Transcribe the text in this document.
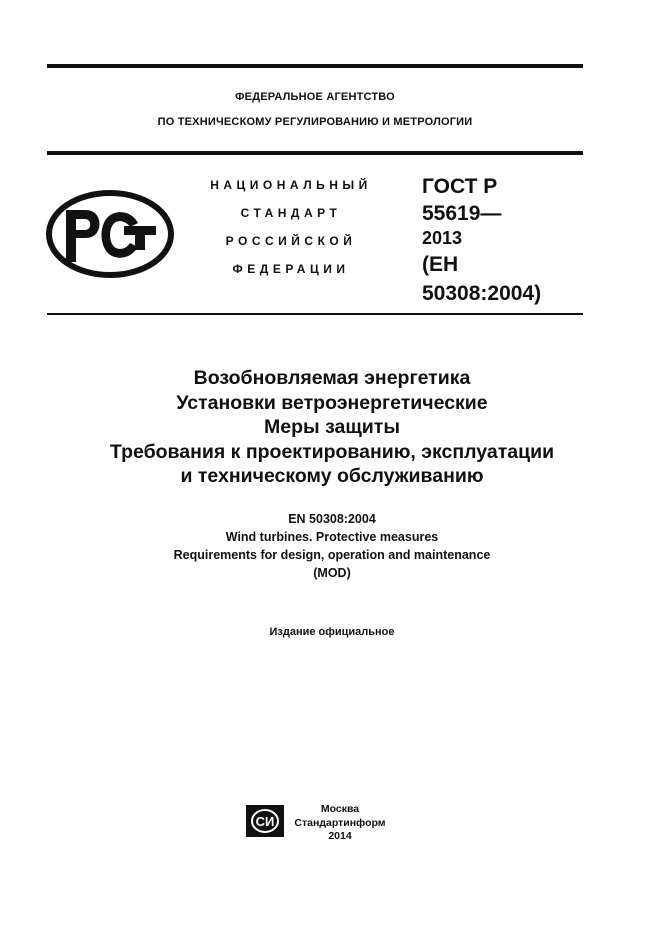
ФЕДЕРАЛЬНОЕ АГЕНТСТВО
ПО ТЕХНИЧЕСКОМУ РЕГУЛИРОВАНИЮ И МЕТРОЛОГИИ
НАЦИОНАЛЬНЫЙ
СТАНДАРТ
РОССИЙСКОЙ
ФЕДЕРАЦИИ
ГОСТ Р
55619—
2013
(ЕН
50308:2004)
Возобновляемая энергетика
Установки ветроэнергетические
Меры защиты
Требования к проектированию, эксплуатации
и техническому обслуживанию
EN 50308:2004
Wind turbines. Protective measures
Requirements for design, operation and maintenance
(MOD)
Издание официальное
СИ
Москва
Стандартинформ
2014
